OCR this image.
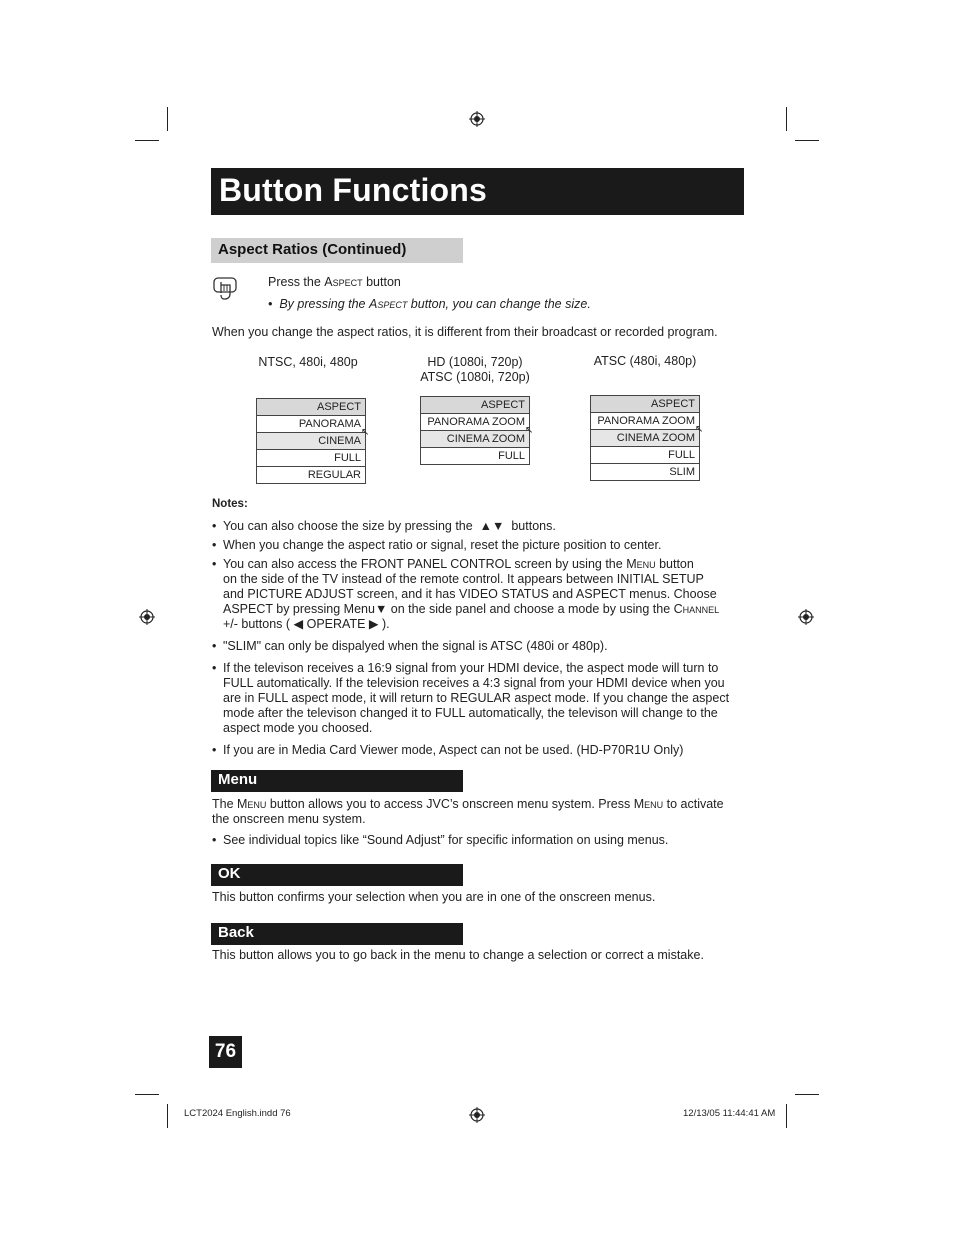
Button Functions
Aspect Ratios (Continued)
Press the Aspect button
• By pressing the Aspect button, you can change the size.
When you change the aspect ratios, it is different from their broadcast or recorded program.
NTSC, 480i, 480p	HD (1080i, 720p)
ATSC (1080i, 720p)
ATSC (480i, 480p)
ASPECT
PANORAMA
CINEMA
FULL
REGULAR
↖
ASPECT
PANORAMA ZOOM
CINEMA ZOOM
FULL
↖
ASPECT
PANORAMA ZOOM
CINEMA ZOOM
FULL
SLIM
↖
Notes:
• You can also choose the size by pressing the ▲▼ buttons.
• When you change the aspect ratio or signal, reset the picture position to center.
• You can also access the FRONT PANEL CONTROL screen by using the Menu button
on the side of the TV instead of the remote control. It appears between INITIAL SETUP
and PICTURE ADJUST screen, and it has VIDEO STATUS and ASPECT menus. Choose
ASPECT by pressing Menu▼ on the side panel and choose a mode by using the Channel
+/- buttons ( ◀ OPERATE ▶ ).
• "SLIM" can only be dispalyed when the signal is ATSC (480i or 480p).
• If the televison receives a 16:9 signal from your HDMI device, the aspect mode will turn to
FULL automatically. If the television receives a 4:3 signal from your HDMI device when you
are in FULL aspect mode, it will return to REGULAR aspect mode. If you change the aspect
mode after the televison changed it to FULL automatically, the televison will change to the
aspect mode you choosed.
• If you are in Media Card Viewer mode, Aspect can not be used. (HD-P70R1U Only)
Menu
The Menu button allows you to access JVC’s onscreen menu system. Press Menu to activate
the onscreen menu system.
• See individual topics like “Sound Adjust” for specific information on using menus.
OK
This button confirms your selection when you are in one of the onscreen menus.
Back
This button allows you to go back in the menu to change a selection or correct a mistake.
76
LCT2024 English.indd 76	12/13/05 11:44:41 AM
